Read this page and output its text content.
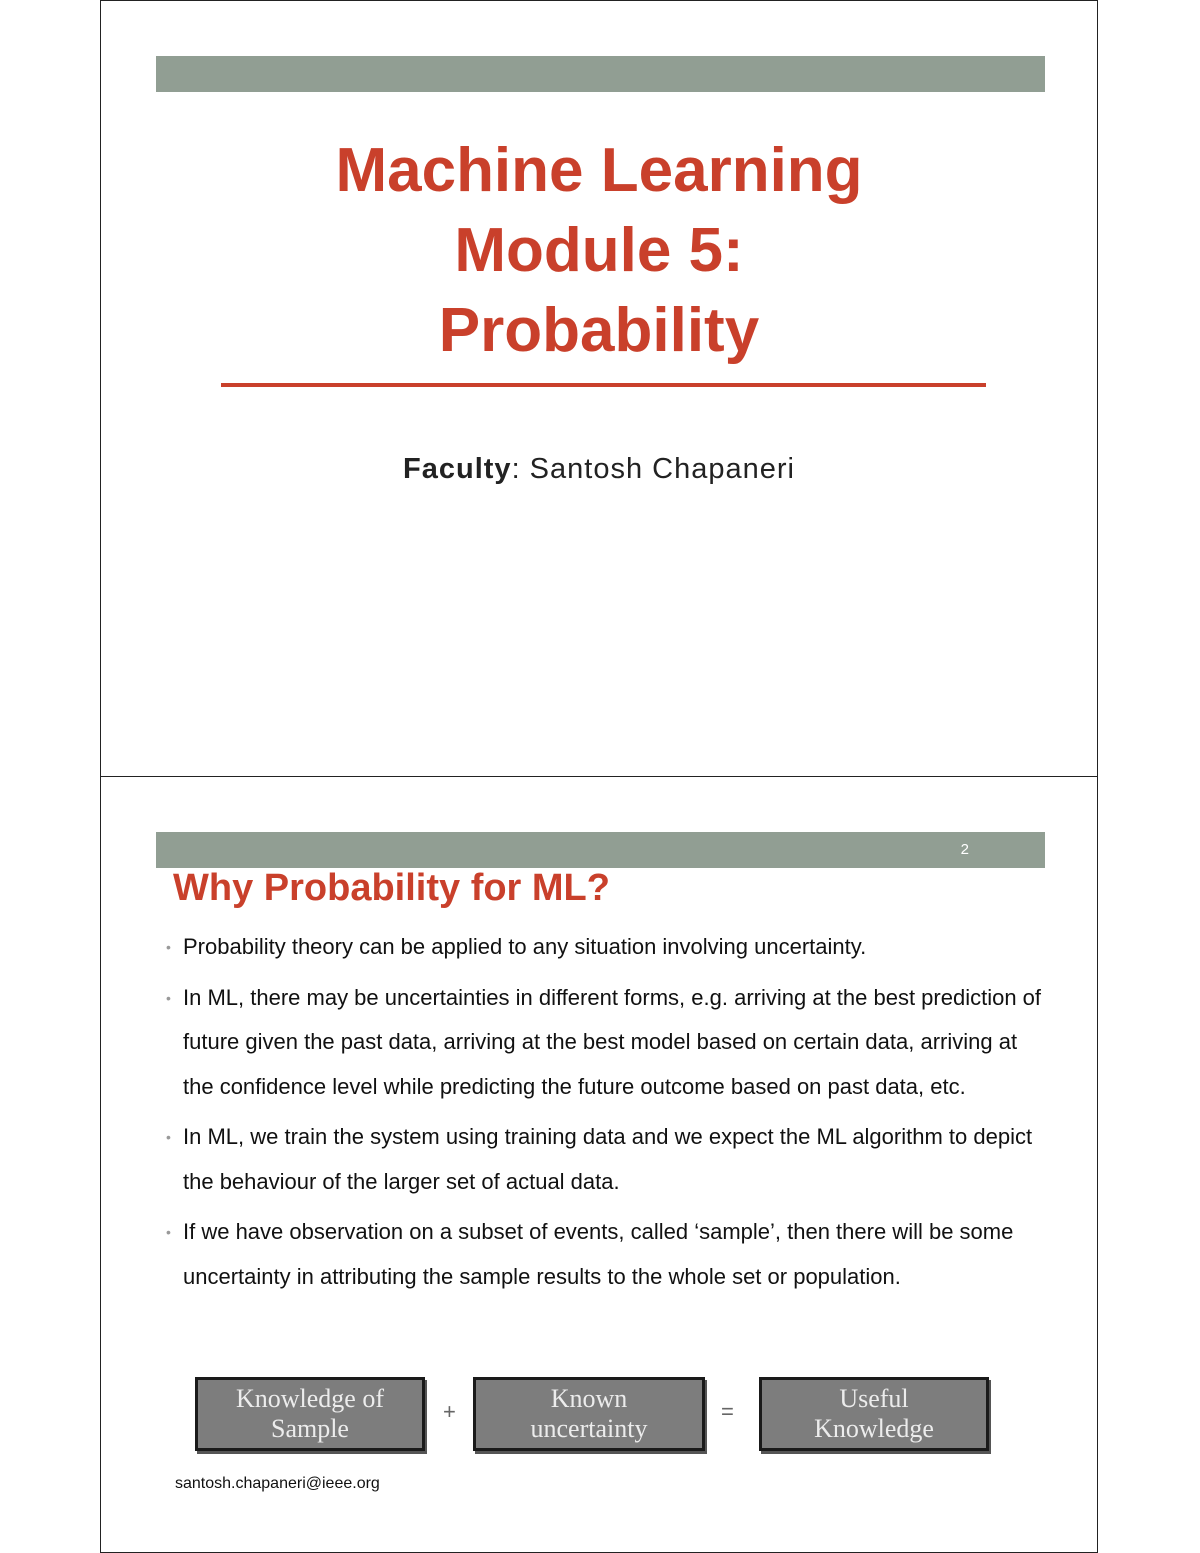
Machine Learning
Module 5:
Probability
Faculty: Santosh Chapaneri
2
Why Probability for ML?
• Probability theory can be applied to any situation involving uncertainty.
• In ML, there may be uncertainties in different forms, e.g. arriving at the best prediction of future given the past data, arriving at the best model based on certain data, arriving at the confidence level while predicting the future outcome based on past data, etc.
• In ML, we train the system using training data and we expect the ML algorithm to depict the behaviour of the larger set of actual data.
• If we have observation on a subset of events, called ‘sample’, then there will be some uncertainty in attributing the sample results to the whole set or population.
Knowledge of
Sample
+	Known
uncertainty
=	Useful
Knowledge
santosh.chapaneri@ieee.org
